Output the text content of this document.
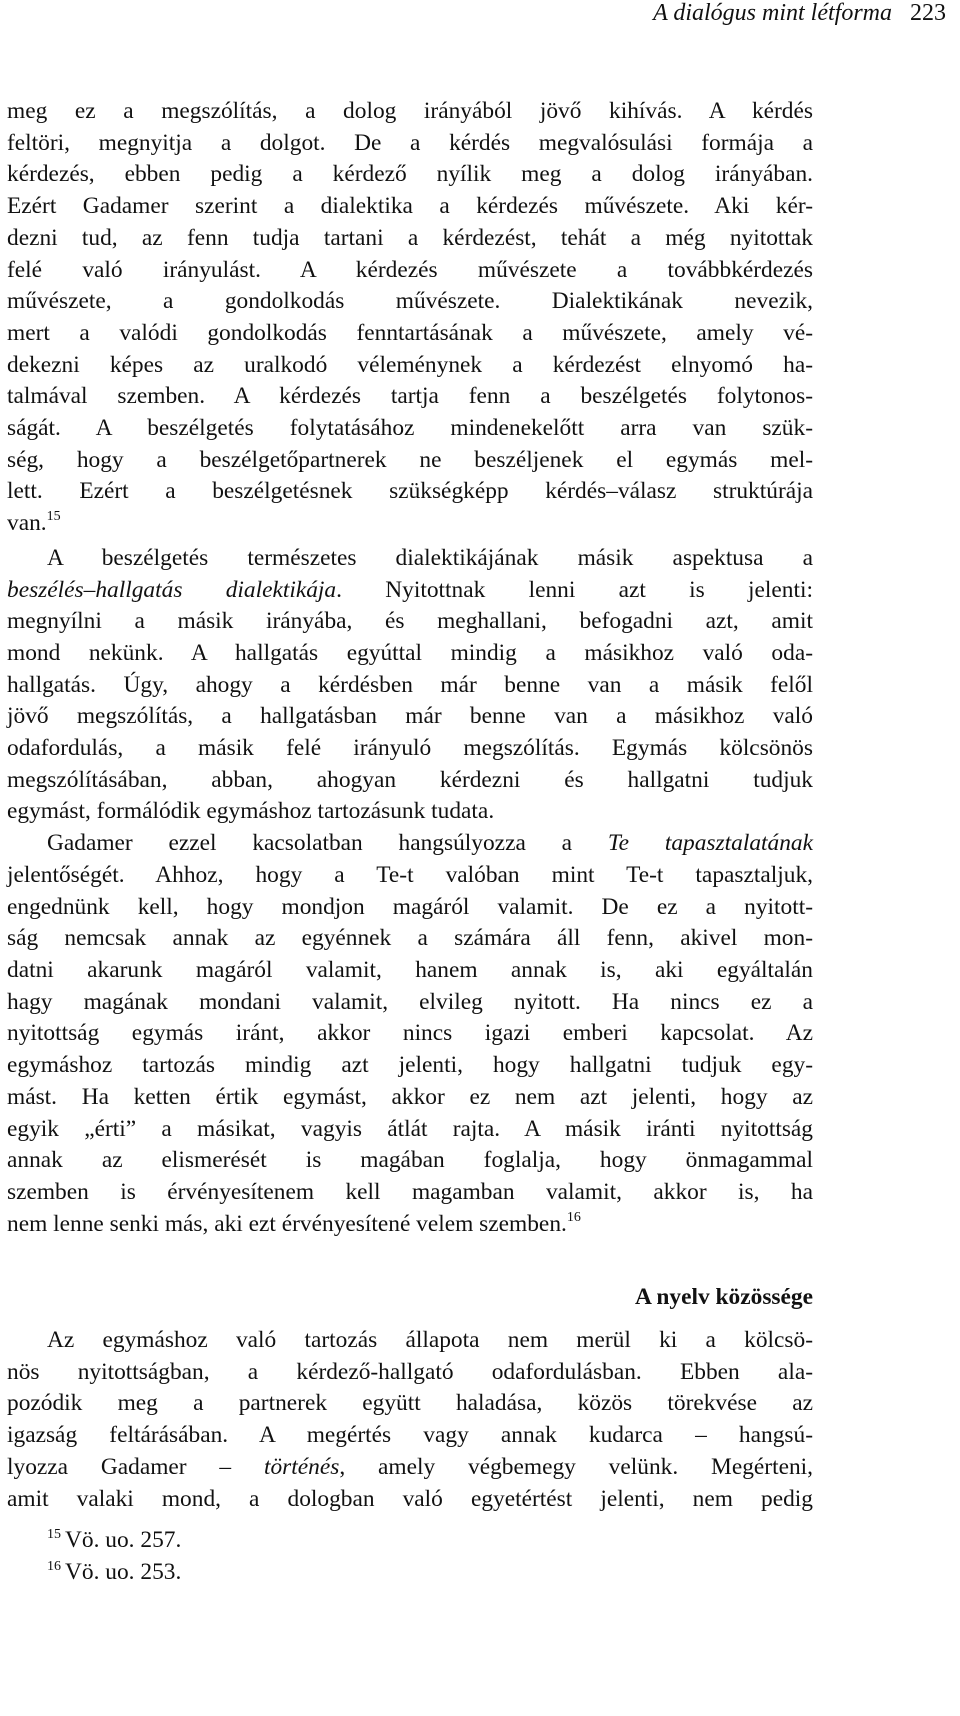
A dialógus mint létforma 223
meg ez a megszólítás, a dolog irányából jövő kihívás. A kérdés
feltöri, megnyitja a dolgot. De a kérdés megvalósulási formája a
kérdezés, ebben pedig a kérdező nyílik meg a dolog irányában.
Ezért Gadamer szerint a dialektika a kérdezés művészete. Aki kér-
dezni tud, az fenn tudja tartani a kérdezést, tehát a még nyitottak
felé való irányulást. A kérdezés művészete a továbbkérdezés
művészete, a gondolkodás művészete. Dialektikának nevezik,
mert a valódi gondolkodás fenntartásának a művészete, amely vé-
dekezni képes az uralkodó véleménynek a kérdezést elnyomó ha-
talmával szemben. A kérdezés tartja fenn a beszélgetés folytonos-
ságát. A beszélgetés folytatásához mindenekelőtt arra van szük-
ség, hogy a beszélgetőpartnerek ne beszéljenek el egymás mel-
lett. Ezért a beszélgetésnek szükségképp kérdés–válasz struktúrája
van.$^{15}$
A beszélgetés természetes dialektikájának másik aspektusa a
beszélés–hallgatás dialektikája. Nyitottnak lenni azt is jelenti:
megnyílni a másik irányába, és meghallani, befogadni azt, amit
mond nekünk. A hallgatás egyúttal mindig a másikhoz való oda-
hallgatás. Úgy, ahogy a kérdésben már benne van a másik felől
jövő megszólítás, a hallgatásban már benne van a másikhoz való
odafordulás, a másik felé irányuló megszólítás. Egymás kölcsönös
megszólításában, abban, ahogyan kérdezni és hallgatni tudjuk
egymást, formálódik egymáshoz tartozásunk tudata.
Gadamer ezzel kacsolatban hangsúlyozza a Te tapasztalatának
jelentőségét. Ahhoz, hogy a Te-t valóban mint Te-t tapasztaljuk,
engednünk kell, hogy mondjon magáról valamit. De ez a nyitott-
ság nemcsak annak az egyénnek a számára áll fenn, akivel mon-
datni akarunk magáról valamit, hanem annak is, aki egyáltalán
hagy magának mondani valamit, elvileg nyitott. Ha nincs ez a
nyitottság egymás iránt, akkor nincs igazi emberi kapcsolat. Az
egymáshoz tartozás mindig azt jelenti, hogy hallgatni tudjuk egy-
mást. Ha ketten értik egymást, akkor ez nem azt jelenti, hogy az
egyik „érti” a másikat, vagyis átlát rajta. A másik iránti nyitottság
annak az elismerését is magában foglalja, hogy önmagammal
szemben is érvényesítenem kell magamban valamit, akkor is, ha
nem lenne senki más, aki ezt érvényesítené velem szemben.$^{16}$
A nyelv közössége
Az egymáshoz való tartozás állapota nem merül ki a kölcsö-
nös nyitottságban, a kérdező-hallgató odafordulásban. Ebben ala-
pozódik meg a partnerek együtt haladása, közös törekvése az
igazság feltárásában. A megértés vagy annak kudarca – hangsú-
lyozza Gadamer – történés, amely végbemegy velünk. Megérteni,
amit valaki mond, a dologban való egyetértést jelenti, nem pedig
$^{15}$ Vö. uo. 257.
$^{16}$ Vö. uo. 253.
